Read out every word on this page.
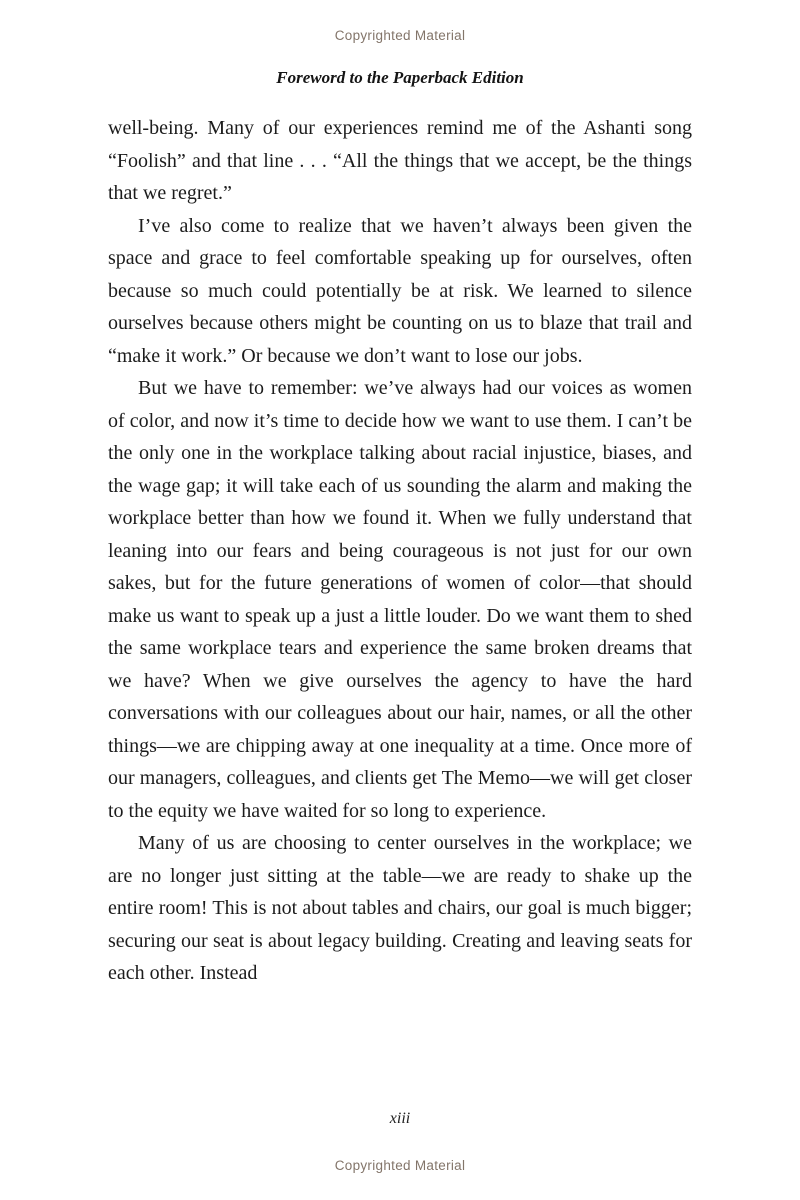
Copyrighted Material
Foreword to the Paperback Edition

well-being. Many of our experiences remind me of the Ashanti song “Foolish” and that line . . . “All the things that we accept, be the things that we regret.”

I’ve also come to realize that we haven’t always been given the space and grace to feel comfortable speaking up for ourselves, often because so much could potentially be at risk. We learned to silence ourselves because others might be counting on us to blaze that trail and “make it work.” Or because we don’t want to lose our jobs.

But we have to remember: we’ve always had our voices as women of color, and now it’s time to decide how we want to use them. I can’t be the only one in the workplace talking about racial injustice, biases, and the wage gap; it will take each of us sounding the alarm and making the workplace better than how we found it. When we fully understand that leaning into our fears and being courageous is not just for our own sakes, but for the future generations of women of color—that should make us want to speak up a just a little louder. Do we want them to shed the same workplace tears and experience the same broken dreams that we have? When we give ourselves the agency to have the hard conversations with our colleagues about our hair, names, or all the other things—we are chipping away at one inequality at a time. Once more of our managers, colleagues, and clients get The Memo—we will get closer to the equity we have waited for so long to experience.

Many of us are choosing to center ourselves in the workplace; we are no longer just sitting at the table—we are ready to shake up the entire room! This is not about tables and chairs, our goal is much bigger; securing our seat is about legacy building. Creating and leaving seats for each other. Instead

xiii
Copyrighted Material
